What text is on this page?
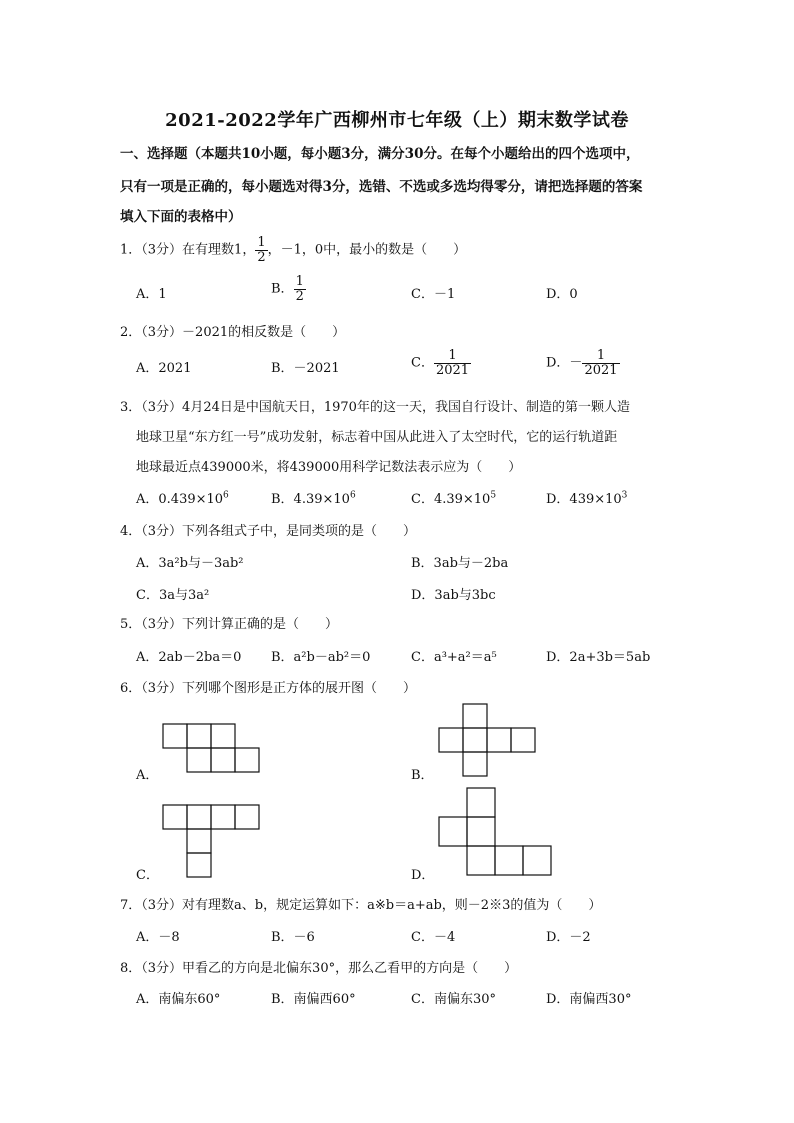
2021-2022学年广西柳州市七年级（上）期末数学试卷
一、选择题（本题共10小题，每小题3分，满分30分。在每个小题给出的四个选项中，
只有一项是正确的，每小题选对得3分，选错、不选或多选均得零分，请把选择题的答案
填入下面的表格中）
1．（3分）在有理数1， $\frac{1}{2}$ ，－1，0中，最小的数是（　　）
A．1	B． $\frac{1}{2}$	C．－1	D．0
2．（3分）－2021的相反数是（　　）
A．2021	B．－2021	C． $\frac{1}{2021}$	D．－ $\frac{1}{2021}$
3．（3分）4月24日是中国航天日，1970年的这一天，我国自行设计、制造的第一颗人造
地球卫星“东方红一号”成功发射，标志着中国从此进入了太空时代，它的运行轨道距
地球最近点439000米，将439000用科学记数法表示应为（　　）
A．$0.439\times 10^6$	B．$4.39\times 10^6$	C．$4.39\times 10^5$	D．$439\times 10^3$
4．（3分）下列各组式子中，是同类项的是（　　）
A．3a²b与－3ab²	B．3ab与－2ba
C．3a与3a²	D．3ab与3bc
5．（3分）下列计算正确的是（　　）
A．2ab－2ba＝0 B．a²b－ab²＝0	C．a³+a²＝a⁵	D．2a+3b＝5ab
6．（3分）下列哪个图形是正方体的展开图（　　）
A．	B．
C．	D．
7．（3分）对有理数a、b，规定运算如下：a※b＝a+ab，则－2※3的值为（　　）
A．－8	B．－6	C．－4	D．－2
8．（3分）甲看乙的方向是北偏东30°，那么乙看甲的方向是（　　）
A．南偏东60°	B．南偏西60°	C．南偏东30°	D．南偏西30°
